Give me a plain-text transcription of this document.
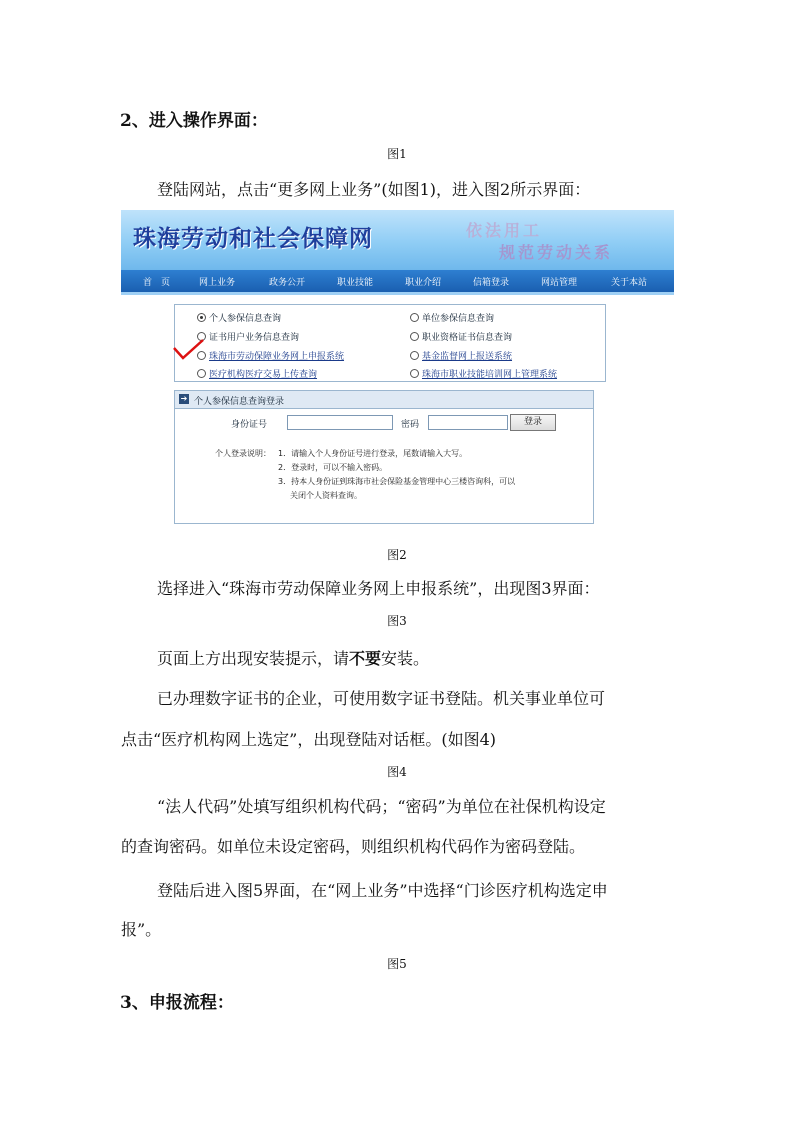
2、进入操作界面：
图1
登陆网站，点击“更多网上业务”(如图1)，进入图2所示界面：
珠海劳动和社会保障网	依法用工
规范劳动关系
首　页	网上业务	政务公开	职业技能	职业介绍	信箱登录	网站管理	关于本站
个人参保信息查询
证书用户业务信息查询
珠海市劳动保障业务网上申报系统
医疗机构医疗交易上传查询
单位参保信息查询
职业资格证书信息查询
基金监督网上报送系统
珠海市职业技能培训网上管理系统
➔ 个人参保信息查询登录
身份证号	密码	登录
个人登录说明： 1．请输入个人身份证号进行登录，尾数请输入大写。
2．登录时，可以不输入密码。
3．持本人身份证到珠海市社会保险基金管理中心三楼咨询科，可以
关闭个人资料查询。
图2
选择进入“珠海市劳动保障业务网上申报系统”，出现图3界面：
图3
页面上方出现安装提示，请不要安装。
已办理数字证书的企业，可使用数字证书登陆。机关事业单位可
点击“医疗机构网上选定”，出现登陆对话框。(如图4)
图4
“法人代码”处填写组织机构代码；“密码”为单位在社保机构设定
的查询密码。如单位未设定密码，则组织机构代码作为密码登陆。
登陆后进入图5界面，在“网上业务”中选择“门诊医疗机构选定申
报”。
图5
3、申报流程：
